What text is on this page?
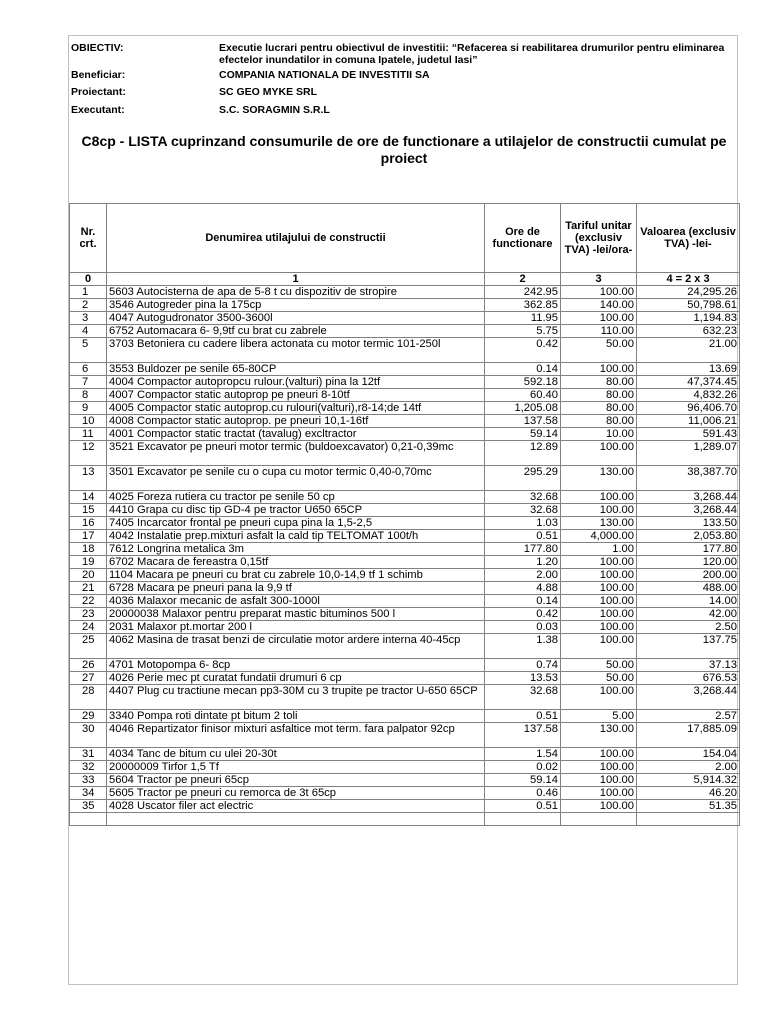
OBIECTIV:	Executie lucrari pentru obiectivul de investitii: “Refacerea si reabilitarea drumurilor pentru eliminarea efectelor inundatilor in comuna Ipatele, judetul Iasi”
Beneficiar:	COMPANIA NATIONALA DE INVESTITII SA
Proiectant:	SC GEO MYKE SRL
Executant:	S.C. SORAGMIN S.R.L
C8cp - LISTA cuprinzand consumurile de ore de functionare a utilajelor de constructii cumulat pe proiect
Nr. crt.	Denumirea utilajului de constructii	Ore de functionare	Tariful unitar (exclusiv TVA) -lei/ora-	Valoarea (exclusiv TVA) -lei-
0	1	2	3	4 = 2 x 3
1	5603 Autocisterna de apa de 5-8 t cu dispozitiv de stropire	242.95	100.00	24,295.26
2	3546 Autogreder pina la 175cp	362.85	140.00	50,798.61
3	4047 Autogudronator 3500-3600l	11.95	100.00	1,194.83
4	6752 Automacara 6- 9,9tf cu brat cu zabrele	5.75	110.00	632.23
5	3703 Betoniera cu cadere libera actonata cu motor termic 101-250l	0.42	50.00	21.00
6	3553 Buldozer pe senile 65-80CP	0.14	100.00	13.69
7	4004 Compactor autopropcu rulour.(valturi) pina la 12tf	592.18	80.00	47,374.45
8	4007 Compactor static autoprop pe pneuri 8-10tf	60.40	80.00	4,832.26
9	4005 Compactor static autoprop.cu rulouri(valturi),r8-14;de 14tf	1,205.08	80.00	96,406.70
10	4008 Compactor static autoprop. pe pneuri 10,1-16tf	137.58	80.00	11,006.21
11	4001 Compactor static tractat (tavalug) excltractor	59.14	10.00	591.43
12	3521 Excavator pe pneuri motor termic (buldoexcavator) 0,21-0,39mc	12.89	100.00	1,289.07
13	3501 Excavator pe senile cu o cupa cu motor termic 0,40-0,70mc	295.29	130.00	38,387.70
14	4025 Foreza rutiera cu tractor pe senile 50 cp	32.68	100.00	3,268.44
15	4410 Grapa cu disc tip GD-4 pe tractor U650 65CP	32.68	100.00	3,268.44
16	7405 Incarcator frontal pe pneuri cupa pina la 1,5-2,5	1.03	130.00	133.50
17	4042 Instalatie prep.mixturi asfalt la cald tip TELTOMAT 100t/h	0.51	4,000.00	2,053.80
18	7612 Longrina metalica 3m	177.80	1.00	177.80
19	6702 Macara de fereastra 0,15tf	1.20	100.00	120.00
20	1104 Macara pe pneuri cu brat cu zabrele 10,0-14,9 tf 1 schimb	2.00	100.00	200.00
21	6728 Macara pe pneuri pana la 9,9 tf	4.88	100.00	488.00
22	4036 Malaxor mecanic de asfalt 300-1000l	0.14	100.00	14.00
23	20000038 Malaxor pentru preparat mastic bituminos 500 l	0.42	100.00	42.00
24	2031 Malaxor pt.mortar 200 l	0.03	100.00	2.50
25	4062 Masina de trasat benzi de circulatie motor ardere interna 40-45cp	1.38	100.00	137.75
26	4701 Motopompa 6- 8cp	0.74	50.00	37.13
27	4026 Perie mec pt curatat fundatii drumuri 6 cp	13.53	50.00	676.53
28	4407 Plug cu tractiune mecan pp3-30M cu 3 trupite pe tractor U-650 65CP	32.68	100.00	3,268.44
29	3340 Pompa roti dintate pt bitum 2 toli	0.51	5.00	2.57
30	4046 Repartizator finisor mixturi asfaltice mot term. fara palpator 92cp	137.58	130.00	17,885.09
31	4034 Tanc de bitum cu ulei 20-30t	1.54	100.00	154.04
32	20000009 Tirfor 1,5 Tf	0.02	100.00	2.00
33	5604 Tractor pe pneuri 65cp	59.14	100.00	5,914.32
34	5605 Tractor pe pneuri cu remorca de 3t 65cp	0.46	100.00	46.20
35	4028 Uscator filer act electric	0.51	100.00	51.35
